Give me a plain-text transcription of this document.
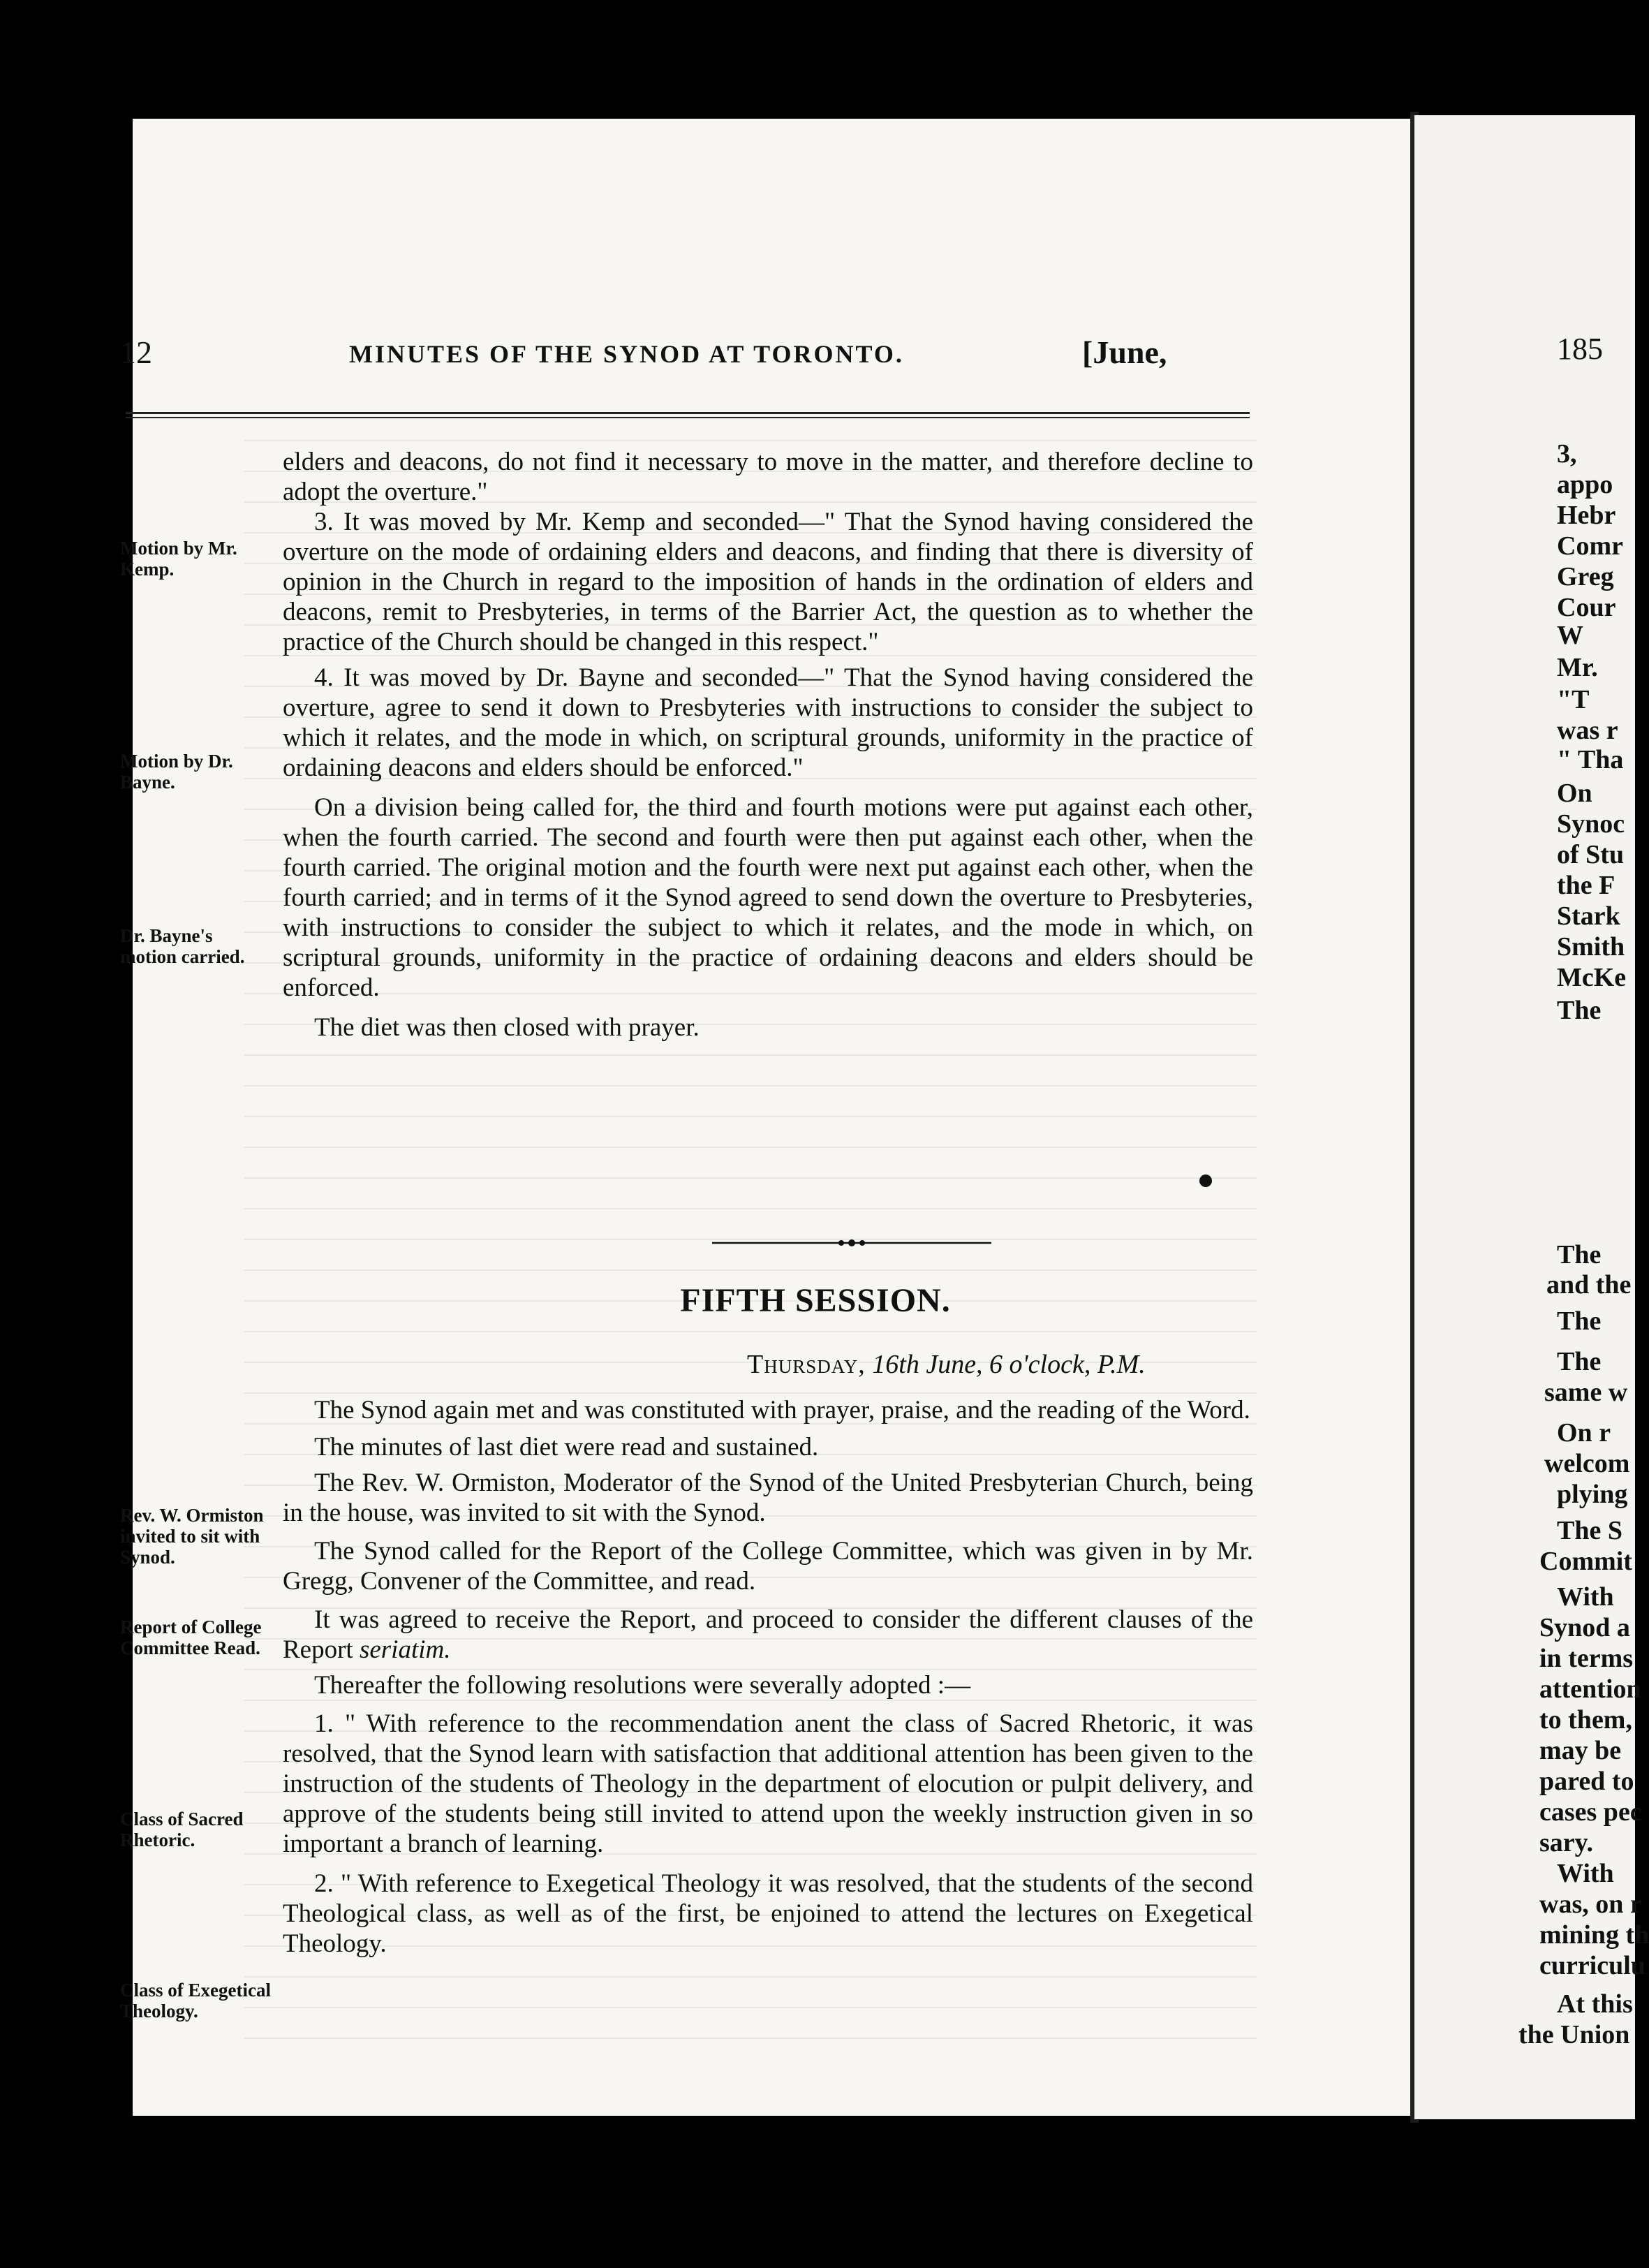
12	MINUTES OF THE SYNOD AT TORONTO.	[June,	185
3,
appo
Hebr
Comr
Greg
Cour
W
Mr.
"T
was r
" Tha
On
Synoc
of Stu
the F
Stark
Smith
McKe
The
The
and the
The
The
same w
On r
welcom
plying
The S
Commit
With
Synod a
in terms
attention
to them,
may be
pared to
cases pec
sary.
With
was, on r
mining th
curriculu
At this
the Union
Motion by Mr. Kemp.
Motion by Dr. Bayne.
Dr. Bayne's motion carried.
Rev. W. Ormiston invited to sit with Synod.
Report of College Committee Read.
Class of Sacred Rhetoric.
Class of Exegetical Theology.

elders and deacons, do not find it necessary to move in the matter, and therefore decline to adopt the overture."

3. It was moved by Mr. Kemp and seconded—" That the Synod having considered the overture on the mode of ordaining elders and deacons, and finding that there is diversity of opinion in the Church in regard to the imposition of hands in the ordination of elders and deacons, remit to Presbyteries, in terms of the Barrier Act, the question as to whether the practice of the Church should be changed in this respect."

4. It was moved by Dr. Bayne and seconded—" That the Synod having considered the overture, agree to send it down to Presbyteries with instructions to consider the subject to which it relates, and the mode in which, on scriptural grounds, uniformity in the practice of ordaining deacons and elders should be enforced."

On a division being called for, the third and fourth motions were put against each other, when the fourth carried. The second and fourth were then put against each other, when the fourth carried. The original motion and the fourth were next put against each other, when the fourth carried; and in terms of it the Synod agreed to send down the overture to Presbyteries, with instructions to consider the subject to which it relates, and the mode in which, on scriptural grounds, uniformity in the practice of ordaining deacons and elders should be enforced.

The diet was then closed with prayer.

FIFTH SESSION.
Thursday, 16th June, 6 o'clock, P.M.

The Synod again met and was constituted with prayer, praise, and the reading of the Word.

The minutes of last diet were read and sustained.

The Rev. W. Ormiston, Moderator of the Synod of the United Presbyterian Church, being in the house, was invited to sit with the Synod.

The Synod called for the Report of the College Committee, which was given in by Mr. Gregg, Convener of the Committee, and read.

It was agreed to receive the Report, and proceed to consider the different clauses of the Report seriatim.

Thereafter the following resolutions were severally adopted :—

1. " With reference to the recommendation anent the class of Sacred Rhetoric, it was resolved, that the Synod learn with satisfaction that additional attention has been given to the instruction of the students of Theology in the department of elocution or pulpit delivery, and approve of the students being still invited to attend upon the weekly instruction given in so important a branch of learning.

2. " With reference to Exegetical Theology it was resolved, that the students of the second Theological class, as well as of the first, be enjoined to attend the lectures on Exegetical Theology.
